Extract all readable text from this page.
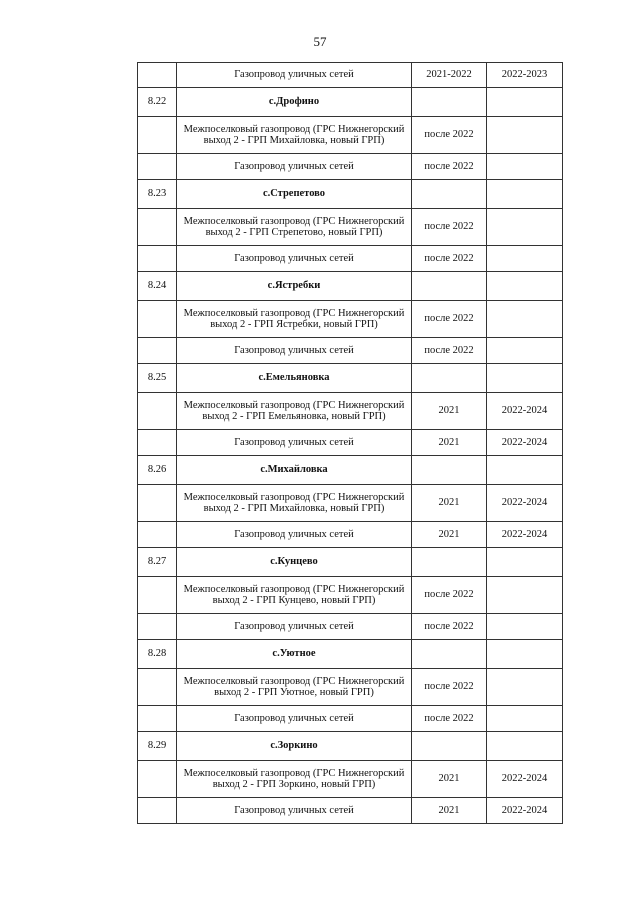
57
	Газопровод уличных сетей	2021-2022	2022-2023
8.22	с.Дрофино		
	Межпоселковый газопровод (ГРС Нижнегорский выход 2 - ГРП Михайловка, новый ГРП)	после 2022	
	Газопровод уличных сетей	после 2022	
8.23	с.Стрепетово		
	Межпоселковый газопровод (ГРС Нижнегорский выход 2 - ГРП Стрепетово, новый ГРП)	после 2022	
	Газопровод уличных сетей	после 2022	
8.24	с.Ястребки		
	Межпоселковый газопровод (ГРС Нижнегорский выход 2 - ГРП Ястребки, новый ГРП)	после 2022	
	Газопровод уличных сетей	после 2022	
8.25	с.Емельяновка		
	Межпоселковый газопровод (ГРС Нижнегорский выход 2 - ГРП Емельяновка, новый ГРП)	2021	2022-2024
	Газопровод уличных сетей	2021	2022-2024
8.26	с.Михайловка		
	Межпоселковый газопровод (ГРС Нижнегорский выход 2 - ГРП Михайловка, новый ГРП)	2021	2022-2024
	Газопровод уличных сетей	2021	2022-2024
8.27	с.Кунцево		
	Межпоселковый газопровод (ГРС Нижнегорский выход 2 - ГРП Кунцево, новый ГРП)	после 2022	
	Газопровод уличных сетей	после 2022	
8.28	с.Уютное		
	Межпоселковый газопровод (ГРС Нижнегорский выход 2 - ГРП Уютное, новый ГРП)	после 2022	
	Газопровод уличных сетей	после 2022	
8.29	с.Зоркино		
	Межпоселковый газопровод (ГРС Нижнегорский выход 2 - ГРП Зоркино, новый ГРП)	2021	2022-2024
	Газопровод уличных сетей	2021	2022-2024
